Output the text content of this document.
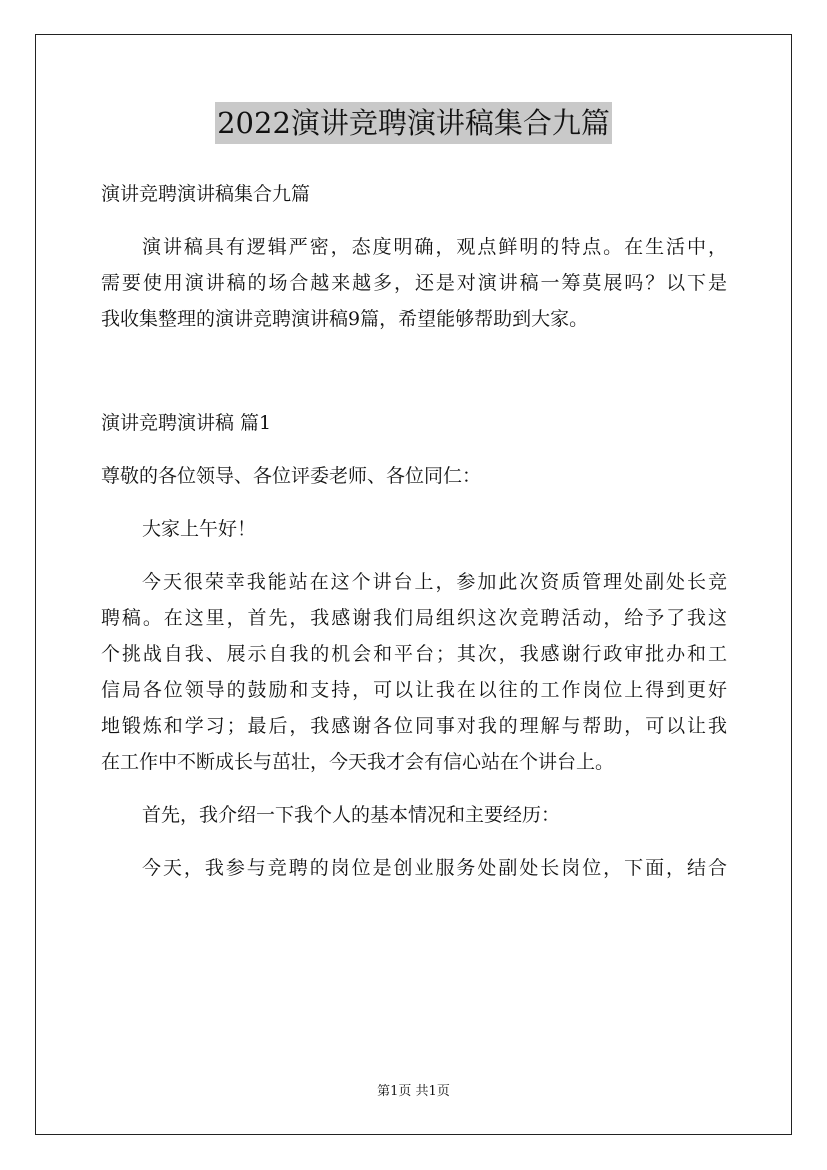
2022演讲竞聘演讲稿集合九篇

演讲竞聘演讲稿集合九篇

演讲稿具有逻辑严密，态度明确，观点鲜明的特点。在生活中，

需要使用演讲稿的场合越来越多，还是对演讲稿一筹莫展吗？以下是

我收集整理的演讲竞聘演讲稿9篇，希望能够帮助到大家。

演讲竞聘演讲稿 篇1

尊敬的各位领导、各位评委老师、各位同仁：

大家上午好！

今天很荣幸我能站在这个讲台上，参加此次资质管理处副处长竞

聘稿。在这里，首先，我感谢我们局组织这次竞聘活动，给予了我这

个挑战自我、展示自我的机会和平台；其次，我感谢行政审批办和工

信局各位领导的鼓励和支持，可以让我在以往的工作岗位上得到更好

地锻炼和学习；最后，我感谢各位同事对我的理解与帮助，可以让我

在工作中不断成长与茁壮，今天我才会有信心站在个讲台上。

首先，我介绍一下我个人的基本情况和主要经历：

今天，我参与竞聘的岗位是创业服务处副处长岗位，下面，结合

第1页 共1页
